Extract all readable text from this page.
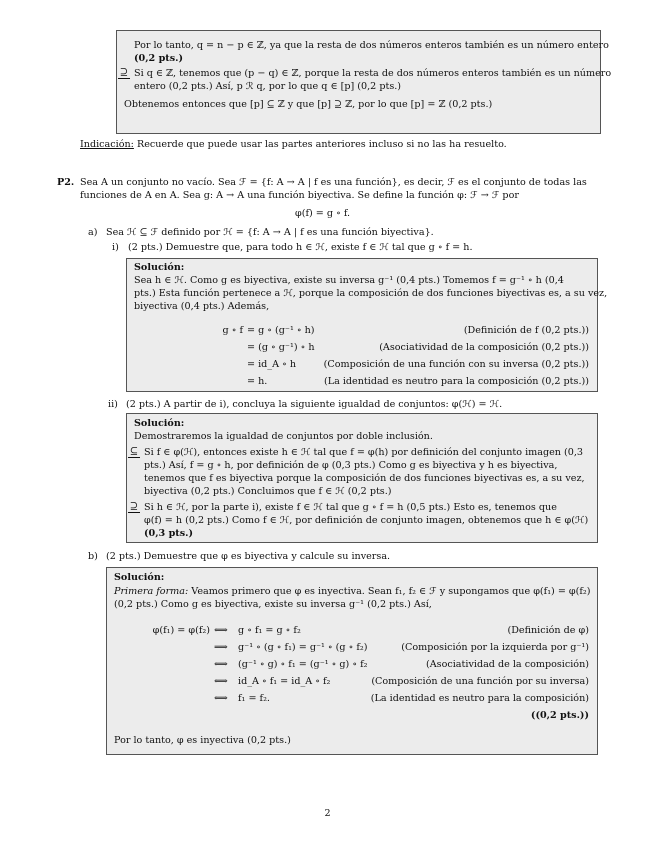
Por lo tanto, q = n − p ∈ ℤ, ya que la resta de dos números enteros también es un número entero
(0,2 pts.)
⊇ Si q ∈ ℤ, tenemos que (p − q) ∈ ℤ, porque la resta de dos números enteros también es un número
entero (0,2 pts.) Así, p ℛ q, por lo que q ∈ [p] (0,2 pts.)
Obtenemos entonces que [p] ⊆ ℤ y que [p] ⊇ ℤ, por lo que [p] = ℤ (0,2 pts.)
Indicación: Recuerde que puede usar las partes anteriores incluso si no las ha resuelto.
P2. Sea A un conjunto no vacío. Sea ℱ = {f: A → A | f es una función}, es decir, ℱ es el conjunto de todas las
funciones de A en A. Sea g: A → A una función biyectiva. Se define la función φ: ℱ → ℱ por
φ(f) = g ∘ f.
a) Sea ℋ ⊆ ℱ definido por ℋ = {f: A → A | f es una función biyectiva}.
i) (2 pts.) Demuestre que, para todo h ∈ ℋ, existe f ∈ ℋ tal que g ∘ f = h.
Solución:
Sea h ∈ ℋ. Como g es biyectiva, existe su inversa g⁻¹ (0,4 pts.) Tomemos f = g⁻¹ ∘ h (0,4
pts.) Esta función pertenece a ℋ, porque la composición de dos funciones biyectivas es, a su vez,
biyectiva (0,4 pts.) Además,
g ∘ f = g ∘ (g⁻¹ ∘ h)	(Definición de f (0,2 pts.))
= (g ∘ g⁻¹) ∘ h	(Asociatividad de la composición (0,2 pts.))
= id_A ∘ h	(Composición de una función con su inversa (0,2 pts.))
= h.	(La identidad es neutro para la composición (0,2 pts.))
ii) (2 pts.) A partir de i), concluya la siguiente igualdad de conjuntos: φ(ℋ) = ℋ.
Solución:
Demostraremos la igualdad de conjuntos por doble inclusión.
⊆ Si f ∈ φ(ℋ), entonces existe h ∈ ℋ tal que f = φ(h) por definición del conjunto imagen (0,3
pts.) Así, f = g ∘ h, por definición de φ (0,3 pts.) Como g es biyectiva y h es biyectiva,
tenemos que f es biyectiva porque la composición de dos funciones biyectivas es, a su vez,
biyectiva (0,2 pts.) Concluimos que f ∈ ℋ (0,2 pts.)
⊇ Si h ∈ ℋ, por la parte i), existe f ∈ ℋ tal que g ∘ f = h (0,5 pts.) Esto es, tenemos que
φ(f) = h (0,2 pts.) Como f ∈ ℋ, por definición de conjunto imagen, obtenemos que h ∈ φ(ℋ)
(0,3 pts.)
b) (2 pts.) Demuestre que φ es biyectiva y calcule su inversa.
Solución:
Primera forma: Veamos primero que φ es inyectiva. Sean f₁, f₂ ∈ ℱ y supongamos que φ(f₁) = φ(f₂)
(0,2 pts.) Como g es biyectiva, existe su inversa g⁻¹ (0,2 pts.) Así,
φ(f₁) = φ(f₂) ⟺ g ∘ f₁ = g ∘ f₂	(Definición de φ)
⟹ g⁻¹ ∘ (g ∘ f₁) = g⁻¹ ∘ (g ∘ f₂)	(Composición por la izquierda por g⁻¹)
⟺ (g⁻¹ ∘ g) ∘ f₁ = (g⁻¹ ∘ g) ∘ f₂	(Asociatividad de la composición)
⟺ id_A ∘ f₁ = id_A ∘ f₂	(Composición de una función por su inversa)
⟺ f₁ = f₂.	(La identidad es neutro para la composición)
((0,2 pts.))
Por lo tanto, φ es inyectiva (0,2 pts.)
2
